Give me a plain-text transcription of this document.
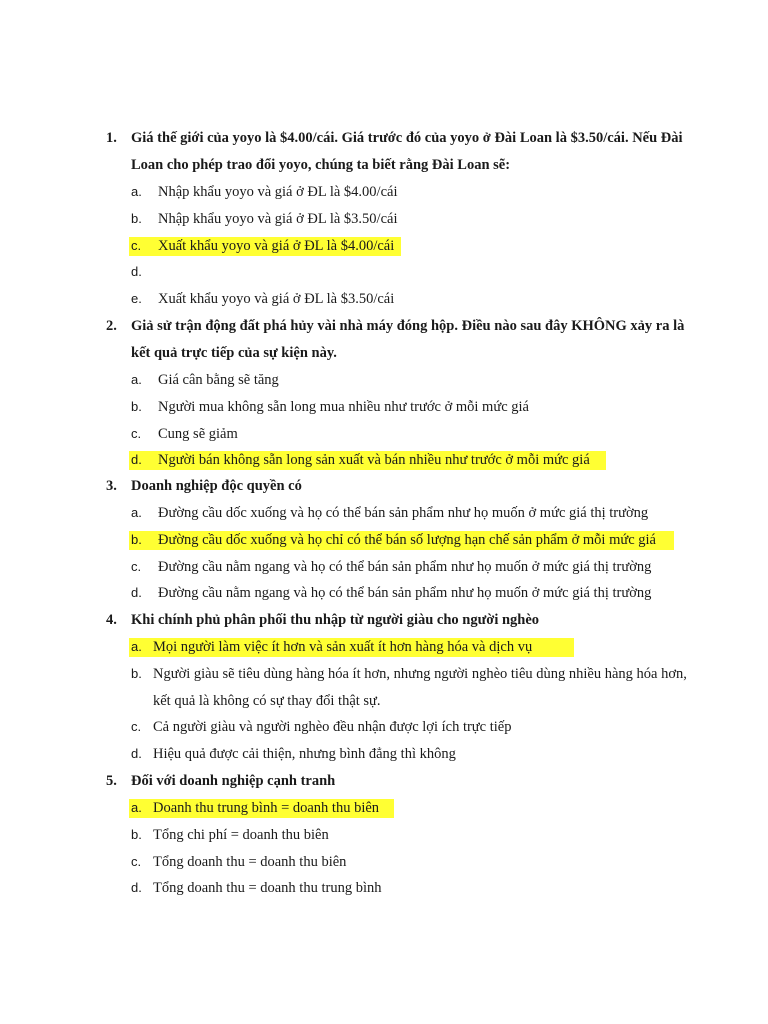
1. Giá thế giới của yoyo là $4.00/cái. Giá trước đó của yoyo ở Đài Loan là $3.50/cái. Nếu Đài Loan cho phép trao đổi yoyo, chúng ta biết rằng Đài Loan sẽ:
a. Nhập khẩu yoyo và giá ở ĐL là $4.00/cái
b. Nhập khẩu yoyo và giá ở ĐL là $3.50/cái
c. Xuất khẩu yoyo và giá ở ĐL là $4.00/cái
d.

e. Xuất khẩu yoyo và giá ở ĐL là $3.50/cái
2. Giả sử trận động đất phá hủy vài nhà máy đóng hộp. Điều nào sau đây KHÔNG xảy ra là kết quả trực tiếp của sự kiện này.
a. Giá cân bằng sẽ tăng
b. Người mua không sẵn long mua nhiều như trước ở mỗi mức giá
c. Cung sẽ giảm
d. Người bán không sẵn long sản xuất và bán nhiều như trước ở mỗi mức giá
3. Doanh nghiệp độc quyền có
a. Đường cầu dốc xuống và họ có thể bán sản phẩm như họ muốn ở mức giá thị trường
b. Đường cầu dốc xuống và họ chỉ có thể bán số lượng hạn chế sản phẩm ở mỗi mức giá
c. Đường cầu nằm ngang và họ có thể bán sản phẩm như họ muốn ở mức giá thị trường
d. Đường cầu nằm ngang và họ có thể bán sản phẩm như họ muốn ở mức giá thị trường
4. Khi chính phủ phân phối thu nhập từ người giàu cho người nghèo
a. Mọi người làm việc ít hơn và sản xuất ít hơn hàng hóa và dịch vụ
b. Người giàu sẽ tiêu dùng hàng hóa ít hơn, nhưng người nghèo tiêu dùng nhiều hàng hóa hơn, kết quả là không có sự thay đổi thật sự.
c. Cả người giàu và người nghèo đều nhận được lợi ích trực tiếp
d. Hiệu quả được cải thiện, nhưng bình đẳng thì không
5. Đối với doanh nghiệp cạnh tranh
a. Doanh thu trung bình = doanh thu biên
b. Tổng chi phí = doanh thu biên
c. Tổng doanh thu = doanh thu biên
d. Tổng doanh thu = doanh thu trung bình
